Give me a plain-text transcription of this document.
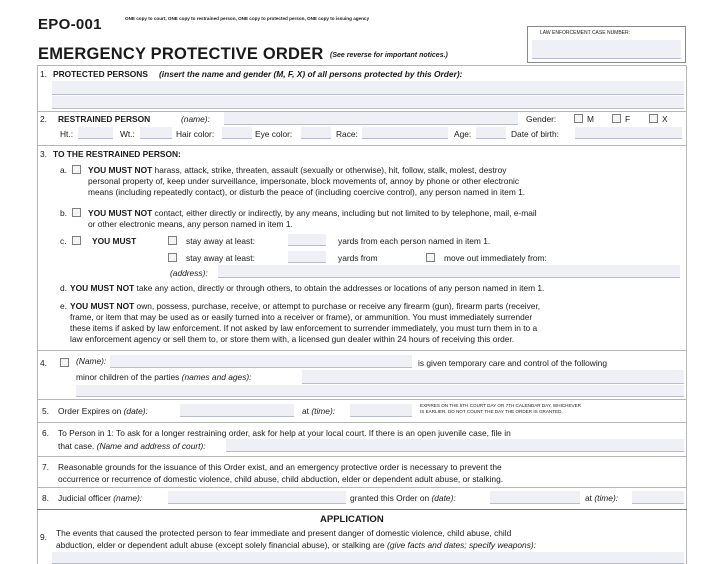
EPO-001	ONE copy to court, ONE copy to restrained person, ONE copy to protected person, ONE copy to issuing agency
EMERGENCY PROTECTIVE ORDER (See reverse for important notices.)
LAW ENFORCEMENT CASE NUMBER:
1. PROTECTED PERSONS (insert the name and gender (M, F, X) of all persons protected by this Order):
2. RESTRAINED PERSON	(name):	Gender:	M	F	X
Ht.:	Wt.:	Hair color:	Eye color:	Race:	Age:	Date of birth:
3. TO THE RESTRAINED PERSON:
a.	YOU MUST NOT harass, attack, strike, threaten, assault (sexually or otherwise), hit, follow, stalk, molest, destroy
personal property of, keep under surveillance, impersonate, block movements of, annoy by phone or other electronic
means (including repeatedly contact), or disturb the peace of (including coercive control), any person named in item 1.
b.	YOU MUST NOT contact, either directly or indirectly, by any means, including but not limited to by telephone, mail, e-mail
or other electronic means, any person named in item 1.
c.	YOU MUST	stay away at least:	yards from each person named in item 1.
stay away at least:	yards from	move out immediately from:
(address):
d. YOU MUST NOT take any action, directly or through others, to obtain the addresses or locations of any person named in item 1.
e. YOU MUST NOT own, possess, purchase, receive, or attempt to purchase or receive any firearm (gun), firearm parts (receiver,
frame, or item that may be used as or easily turned into a receiver or frame), or ammunition. You must immediately surrender
these items if asked by law enforcement. If not asked by law enforcement to surrender immediately, you must turn them in to a
law enforcement agency or sell them to, or store them with, a licensed gun dealer within 24 hours of receiving this order.
4.	(Name):	is given temporary care and control of the following
minor children of the parties (names and ages):
5. Order Expires on (date):	at (time):
EXPIRES ON THE 5TH COURT DAY OR 7TH CALENDAR DAY, WHICHEVER
IS EARLIER. DO NOT COUNT THE DAY THE ORDER IS GRANTED.
6. To Person in 1: To ask for a longer restraining order, ask for help at your local court. If there is an open juvenile case, file in
that case. (Name and address of court):
7. Reasonable grounds for the issuance of this Order exist, and an emergency protective order is necessary to prevent the
occurrence or recurrence of domestic violence, child abuse, child abduction, elder or dependent adult abuse, or stalking.
8. Judicial officer (name):	granted this Order on (date):	at (time):
APPLICATION
9. The events that caused the protected person to fear immediate and present danger of domestic violence, child abuse, child
abduction, elder or dependent adult abuse (except solely financial abuse), or stalking are (give facts and dates; specify weapons):
